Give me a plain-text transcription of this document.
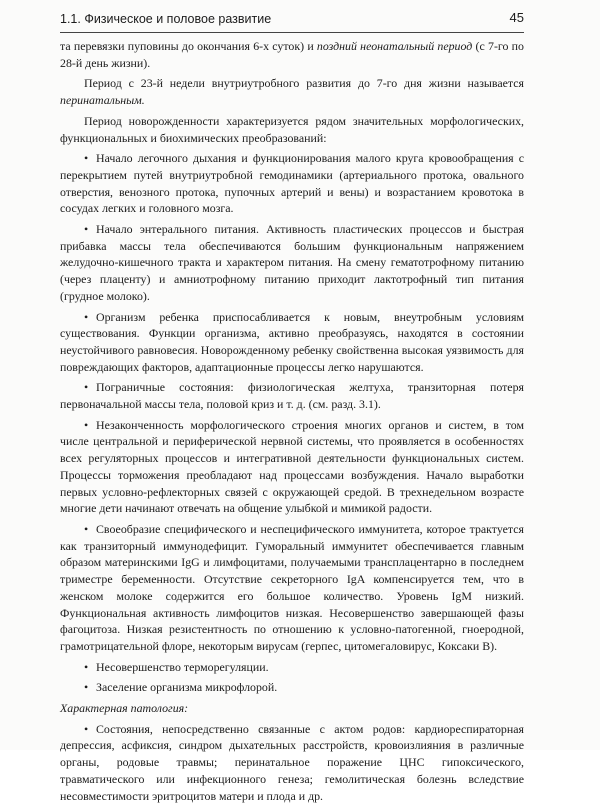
1.1. Физическое и половое развитие	45

та перевязки пуповины до окончания 6-х суток) и поздний неонатальный период (с 7-го по 28-й день жизни).

Период с 23-й недели внутриутробного развития до 7-го дня жизни называется перинатальным.

Период новорожденности характеризуется рядом значительных морфологических, функциональных и биохимических преобразований:

• Начало легочного дыхания и функционирования малого круга кровообращения с перекрытием путей внутриутробной гемодинамики (артериального протока, овального отверстия, венозного протока, пупочных артерий и вены) и возрастанием кровотока в сосудах легких и головного мозга.

• Начало энтерального питания. Активность пластических процессов и быстрая прибавка массы тела обеспечиваются большим функциональным напряжением желудочно-кишечного тракта и характером питания. На смену гематотрофному питанию (через плаценту) и амниотрофному питанию приходит лактотрофный тип питания (грудное молоко).

• Организм ребенка приспосабливается к новым, внеутробным условиям существования. Функции организма, активно преобразуясь, находятся в состоянии неустойчивого равновесия. Новорожденному ребенку свойственна высокая уязвимость для повреждающих факторов, адаптационные процессы легко нарушаются.

• Пограничные состояния: физиологическая желтуха, транзиторная потеря первоначальной массы тела, половой криз и т. д. (см. разд. 3.1).

• Незаконченность морфологического строения многих органов и систем, в том числе центральной и периферической нервной системы, что проявляется в особенностях всех регуляторных процессов и интегративной деятельности функциональных систем. Процессы торможения преобладают над процессами возбуждения. Начало выработки первых условно-рефлекторных связей с окружающей средой. В трехнедельном возрасте многие дети начинают отвечать на общение улыбкой и мимикой радости.

• Своеобразие специфического и неспецифического иммунитета, которое трактуется как транзиторный иммунодефицит. Гуморальный иммунитет обеспечивается главным образом материнскими IgG и лимфоцитами, получаемыми трансплацентарно в последнем триместре беременности. Отсутствие секреторного IgA компенсируется тем, что в женском молоке содержится его большое количество. Уровень IgM низкий. Функциональная активность лимфоцитов низкая. Несовершенство завершающей фазы фагоцитоза. Низкая резистентность по отношению к условно-патогенной, гноеродной, грамотрицательной флоре, некоторым вирусам (герпес, цитомегаловирус, Коксаки В).

• Несовершенство терморегуляции.

• Заселение организма микрофлорой.

Характерная патология:

• Состояния, непосредственно связанные с актом родов: кардиореспираторная депрессия, асфиксия, синдром дыхательных расстройств, кровоизлияния в различные органы, родовые травмы; перинатальное поражение ЦНС гипоксического, травматического или инфекционного генеза; гемолитическая болезнь вследствие несовместимости эритроцитов матери и плода и др.
